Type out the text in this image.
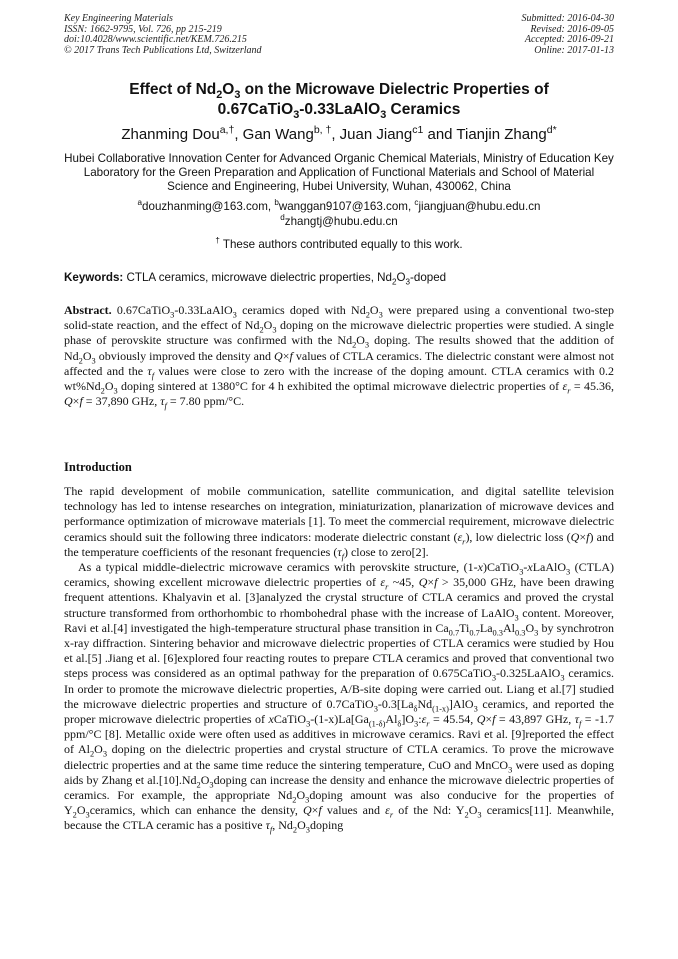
Key Engineering Materials
ISSN: 1662-9795, Vol. 726, pp 215-219
doi:10.4028/www.scientific.net/KEM.726.215
© 2017 Trans Tech Publications Ltd, Switzerland
Submitted: 2016-04-30
Revised: 2016-09-05
Accepted: 2016-09-21
Online: 2017-01-13
Effect of $Nd_2O_3$ on the Microwave Dielectric Properties of
0.67CaTiO$_3$-0.33LaAlO$_3$ Ceramics
Zhanming Dou$^{a,\dagger}$, Gan Wang$^{b, \dagger}$, Juan Jiang$^{c1}$ and Tianjin Zhang$^{d*}$
Hubei Collaborative Innovation Center for Advanced Organic Chemical Materials, Ministry of Education Key Laboratory for the Green Preparation and Application of Functional Materials and School of Material Science and Engineering, Hubei University, Wuhan, 430062, China
$^a$douzhanming@163.com, $^b$wanggan9107@163.com, $^c$jiangjuan@hubu.edu.cn
$^d$zhangtj@hubu.edu.cn
† These authors contributed equally to this work.
Keywords: CTLA ceramics, microwave dielectric properties, $Nd_2O_3$-doped
Abstract. 0.67CaTiO$_3$-0.33LaAlO$_3$ ceramics doped with $Nd_2O_3$ were prepared using a conventional two-step solid-state reaction, and the effect of $Nd_2O_3$ doping on the microwave dielectric properties were studied. A single phase of perovskite structure was confirmed with the $Nd_2O_3$ doping. The results showed that the addition of $Nd_2O_3$ obviously improved the density and Q×f values of CTLA ceramics. The dielectric constant were almost not affected and the $\tau_f$ values were close to zero with the increase of the doping amount. CTLA ceramics with 0.2 $wt\%Nd_2O_3$ doping sintered at 1380°C for 4 h exhibited the optimal microwave dielectric properties of $\varepsilon_r = 45.36$, Q×f = 37,890 GHz, $\tau_f = 7.80$ ppm/°C.
Introduction

The rapid development of mobile communication, satellite communication, and digital satellite television technology has led to intense researches on integration, miniaturization, planarization of microwave devices and performance optimization of microwave materials [1]. To meet the commercial requirement, microwave dielectric ceramics should suit the following three indicators: moderate dielectric constant $(\varepsilon_r)$, low dielectric loss (Q×f) and the temperature coefficients of the resonant frequencies $(\tau_f)$ close to zero[2].

As a typical middle-dielectric microwave ceramics with perovskite structure, (1-x)CaTiO$_3$-xLaAlO$_3$ (CTLA) ceramics, showing excellent microwave dielectric properties of $\varepsilon_r$ ~45, Q×f > 35,000 GHz, have been drawing frequent attentions. Khalyavin et al. [3]analyzed the crystal structure of CTLA ceramics and proved the crystal structure transformed from orthorhombic to rhombohedral phase with the increase of LaAlO$_3$ content. Moreover, Ravi et al.[4] investigated the high-temperature structural phase transition in $Ca_{0.7}Ti_{0.7}La_{0.3}Al_{0.3}O_3$ by synchrotron x-ray diffraction. Sintering behavior and microwave dielectric properties of CTLA ceramics were studied by Hou et al.[5] .Jiang et al. [6]explored four reacting routes to prepare CTLA ceramics and proved that conventional two steps process was considered as an optimal pathway for the preparation of 0.675CaTiO$_3$-0.325LaAlO$_3$ ceramics. In order to promote the microwave dielectric properties, A/B-site doping were carried out. Liang et al.[7] studied the microwave dielectric properties and structure of $0.7CaTiO_3-0.3[La_\delta Nd_{(1-x)}]AlO_3$ ceramics, and reported the proper microwave dielectric properties of $xCaTiO_3-(1-x)La[Ga_{(1-\delta)}Al_\delta]O_3:\varepsilon_r = 45.54$, Q×f = 43,897 GHz, $\tau_f = -1.7$ ppm/°C [8]. Metallic oxide were often used as additives in microwave ceramics. Ravi et al. [9]reported the effect of $Al_2O_3$ doping on the dielectric properties and crystal structure of CTLA ceramics. To prove the microwave dielectric properties and at the same time reduce the sintering temperature, CuO and MnCO$_3$ were used as doping aids by Zhang et $al.[10].Nd_2O_3doping$ can increase the density and enhance the microwave dielectric properties of ceramics. For example, the appropriate $Nd_2O_3doping$ amount was also conducive for the properties of $Y_2O_3ceramics$, which can enhance the density, Q×f values and $\varepsilon_r$ of the Nd: $Y_2O_3$ ceramics[11]. Meanwhile, because the CTLA ceramic has a positive $\tau_f$, $Nd_2O_3doping$
